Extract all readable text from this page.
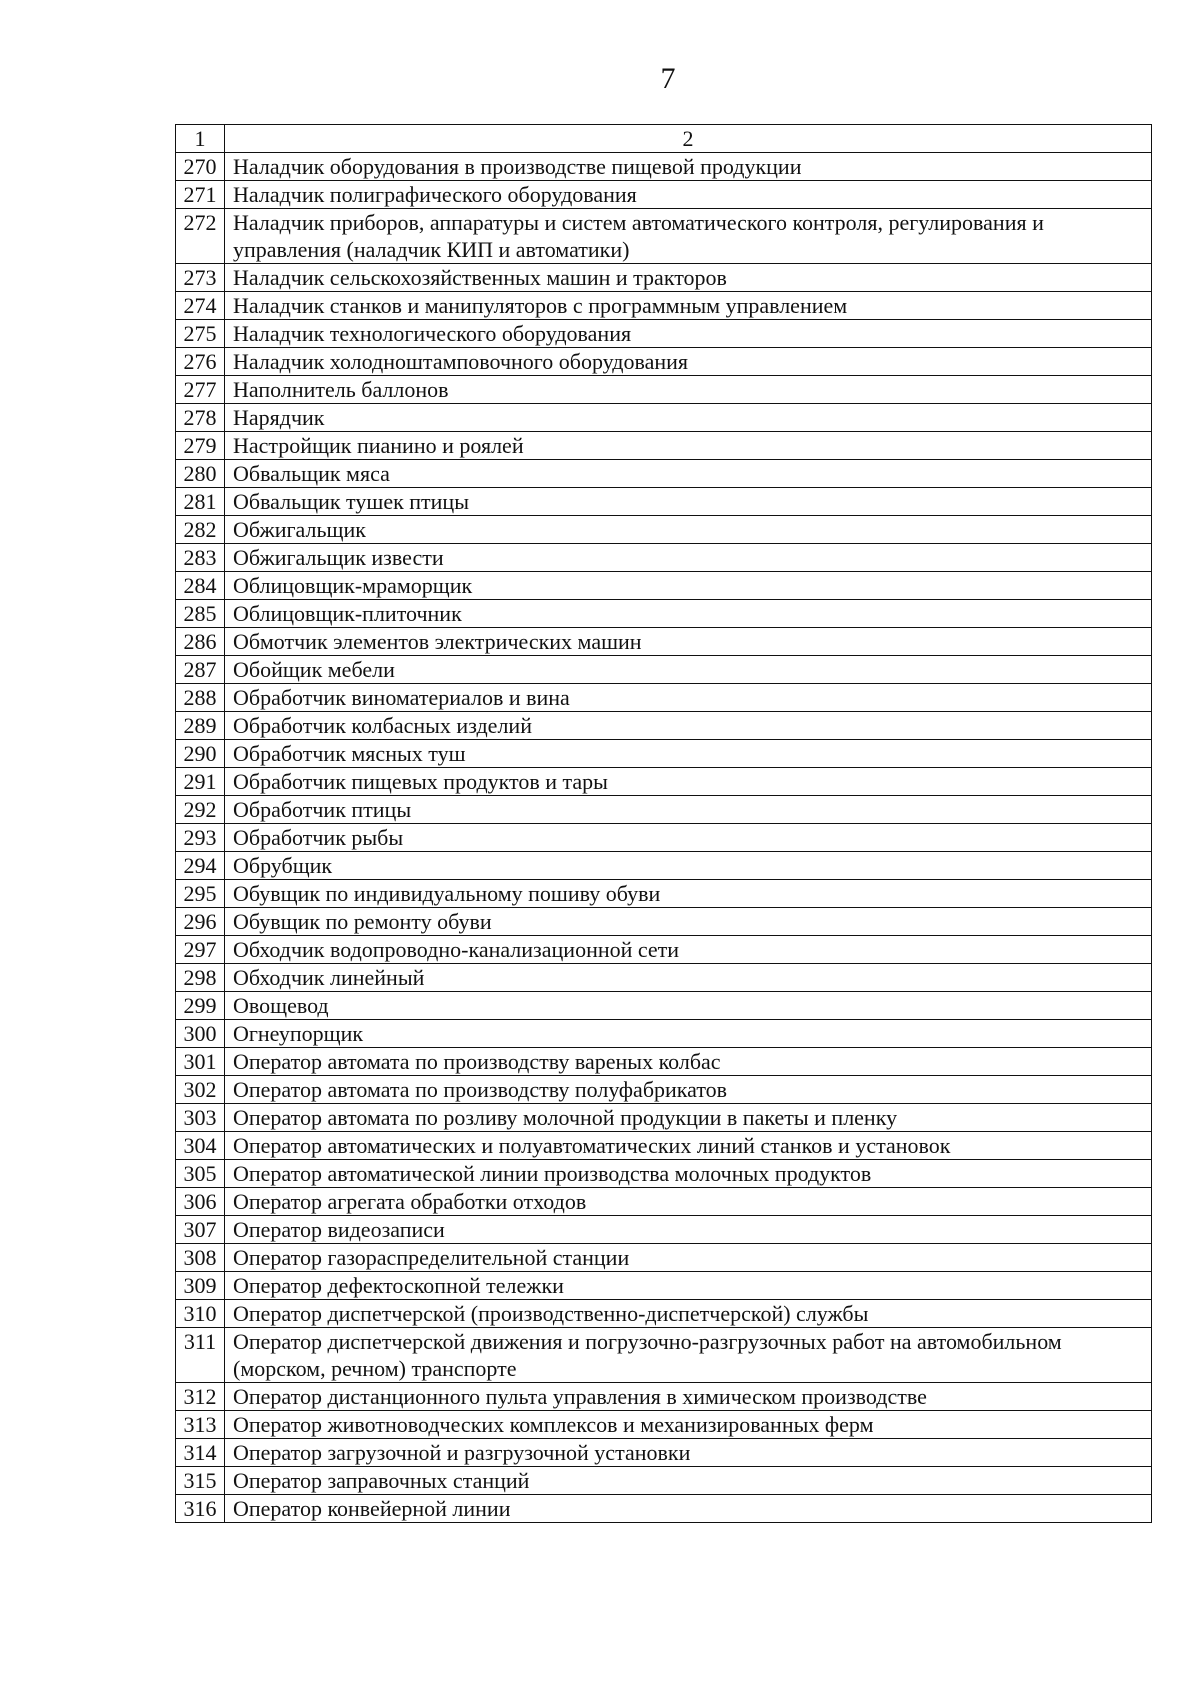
7
1	2
270	Наладчик оборудования в производстве пищевой продукции
271	Наладчик полиграфического оборудования
272	Наладчик приборов, аппаратуры и систем автоматического контроля, регулирования и управления (наладчик КИП и автоматики)
273	Наладчик сельскохозяйственных машин и тракторов
274	Наладчик станков и манипуляторов с программным управлением
275	Наладчик технологического оборудования
276	Наладчик холодноштамповочного оборудования
277	Наполнитель баллонов
278	Нарядчик
279	Настройщик пианино и роялей
280	Обвальщик мяса
281	Обвальщик тушек птицы
282	Обжигальщик
283	Обжигальщик извести
284	Облицовщик-мраморщик
285	Облицовщик-плиточник
286	Обмотчик элементов электрических машин
287	Обойщик мебели
288	Обработчик виноматериалов и вина
289	Обработчик колбасных изделий
290	Обработчик мясных туш
291	Обработчик пищевых продуктов и тары
292	Обработчик птицы
293	Обработчик рыбы
294	Обрубщик
295	Обувщик по индивидуальному пошиву обуви
296	Обувщик по ремонту обуви
297	Обходчик водопроводно-канализационной сети
298	Обходчик линейный
299	Овощевод
300	Огнеупорщик
301	Оператор автомата по производству вареных колбас
302	Оператор автомата по производству полуфабрикатов
303	Оператор автомата по розливу молочной продукции в пакеты и пленку
304	Оператор автоматических и полуавтоматических линий станков и установок
305	Оператор автоматической линии производства молочных продуктов
306	Оператор агрегата обработки отходов
307	Оператор видеозаписи
308	Оператор газораспределительной станции
309	Оператор дефектоскопной тележки
310	Оператор диспетчерской (производственно-диспетчерской) службы
311	Оператор диспетчерской движения и погрузочно-разгрузочных работ на автомобильном (морском, речном) транспорте
312	Оператор дистанционного пульта управления в химическом производстве
313	Оператор животноводческих комплексов и механизированных ферм
314	Оператор загрузочной и разгрузочной установки
315	Оператор заправочных станций
316	Оператор конвейерной линии
